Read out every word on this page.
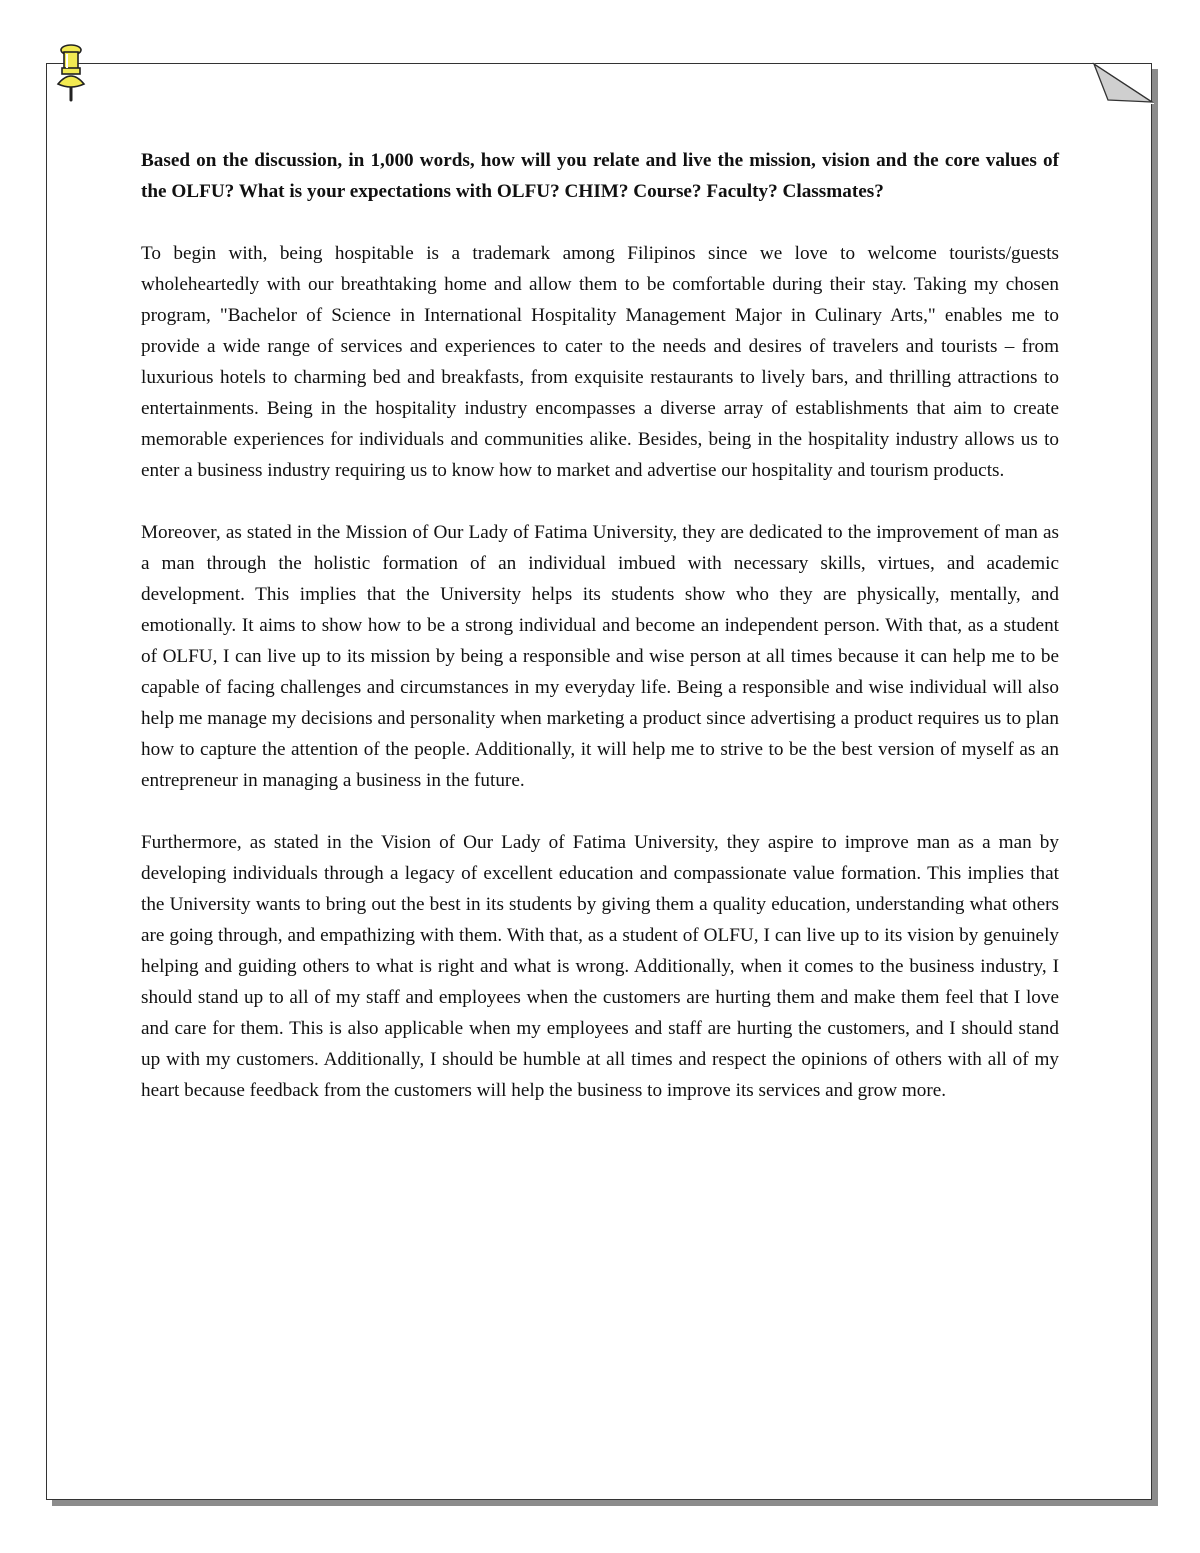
Based on the discussion, in 1,000 words, how will you relate and live the mission, vision and the core values of the OLFU? What is your expectations with OLFU? CHIM? Course? Faculty? Classmates?

To begin with, being hospitable is a trademark among Filipinos since we love to welcome tourists/guests wholeheartedly with our breathtaking home and allow them to be comfortable during their stay. Taking my chosen program, "Bachelor of Science in International Hospitality Management Major in Culinary Arts," enables me to provide a wide range of services and experiences to cater to the needs and desires of travelers and tourists – from luxurious hotels to charming bed and breakfasts, from exquisite restaurants to lively bars, and thrilling attractions to entertainments. Being in the hospitality industry encompasses a diverse array of establishments that aim to create memorable experiences for individuals and communities alike. Besides, being in the hospitality industry allows us to enter a business industry requiring us to know how to market and advertise our hospitality and tourism products.

Moreover, as stated in the Mission of Our Lady of Fatima University, they are dedicated to the improvement of man as a man through the holistic formation of an individual imbued with necessary skills, virtues, and academic development. This implies that the University helps its students show who they are physically, mentally, and emotionally. It aims to show how to be a strong individual and become an independent person. With that, as a student of OLFU, I can live up to its mission by being a responsible and wise person at all times because it can help me to be capable of facing challenges and circumstances in my everyday life. Being a responsible and wise individual will also help me manage my decisions and personality when marketing a product since advertising a product requires us to plan how to capture the attention of the people. Additionally, it will help me to strive to be the best version of myself as an entrepreneur in managing a business in the future.

Furthermore, as stated in the Vision of Our Lady of Fatima University, they aspire to improve man as a man by developing individuals through a legacy of excellent education and compassionate value formation. This implies that the University wants to bring out the best in its students by giving them a quality education, understanding what others are going through, and empathizing with them. With that, as a student of OLFU, I can live up to its vision by genuinely helping and guiding others to what is right and what is wrong. Additionally, when it comes to the business industry, I should stand up to all of my staff and employees when the customers are hurting them and make them feel that I love and care for them. This is also applicable when my employees and staff are hurting the customers, and I should stand up with my customers. Additionally, I should be humble at all times and respect the opinions of others with all of my heart because feedback from the customers will help the business to improve its services and grow more.
